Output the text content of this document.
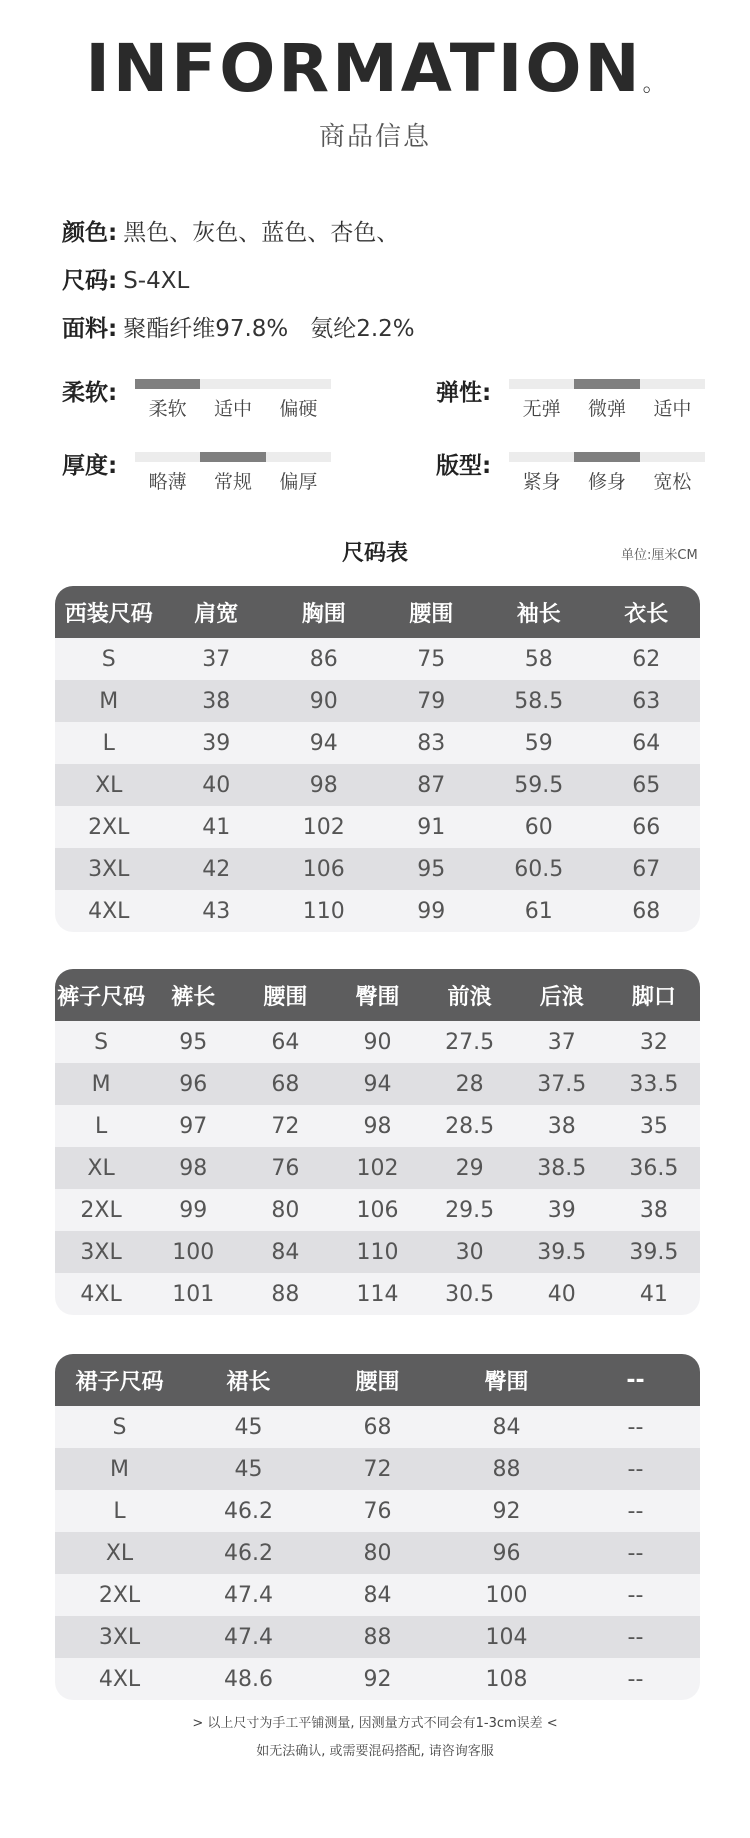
INFORMATION。
商品信息
颜色: 黑色、灰色、蓝色、杏色、
尺码: S-4XL
面料: 聚酯纤维97.8%   氨纶2.2%
柔软:
柔软	适中	偏硬
弹性:
无弹	微弹	适中
厚度:
略薄	常规	偏厚
版型:
紧身	修身	宽松
尺码表	单位:厘米CM
西装尺码	肩宽	胸围	腰围	袖长	衣长
S	37	86	75	58	62
M	38	90	79	58.5	63
L	39	94	83	59	64
XL	40	98	87	59.5	65
2XL	41	102	91	60	66
3XL	42	106	95	60.5	67
4XL	43	110	99	61	68
裤子尺码	裤长	腰围	臀围	前浪	后浪	脚口
S	95	64	90	27.5	37	32
M	96	68	94	28	37.5	33.5
L	97	72	98	28.5	38	35
XL	98	76	102	29	38.5	36.5
2XL	99	80	106	29.5	39	38
3XL	100	84	110	30	39.5	39.5
4XL	101	88	114	30.5	40	41
裙子尺码	裙长	腰围	臀围	--
S	45	68	84	--
M	45	72	88	--
L	46.2	76	92	--
XL	46.2	80	96	--
2XL	47.4	84	100	--
3XL	47.4	88	104	--
4XL	48.6	92	108	--
> 以上尺寸为手工平铺测量, 因测量方式不同会有1-3cm误差 <
如无法确认, 或需要混码搭配, 请咨询客服
